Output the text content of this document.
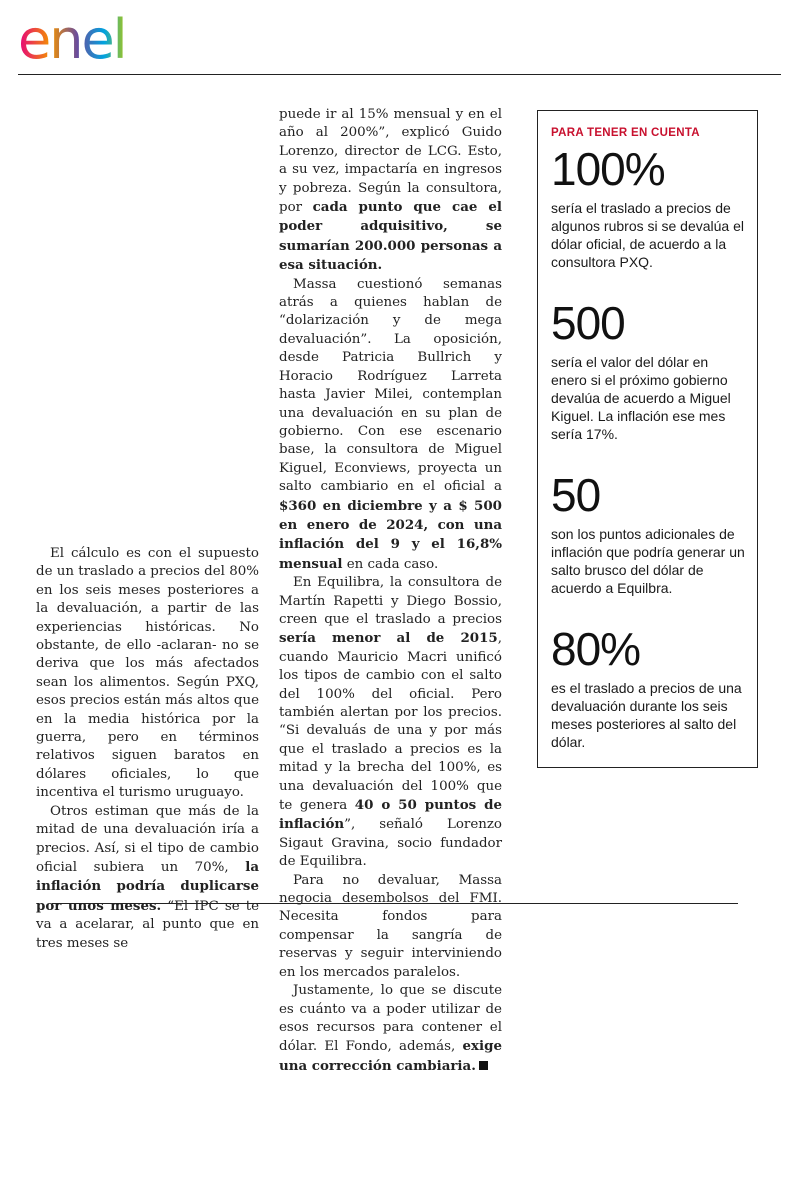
enel

El cálculo es con el supuesto de un traslado a precios del 80% en los seis meses posteriores a la devaluación, a partir de las experiencias históricas. No obstante, de ello -aclaran- no se deriva que los más afectados sean los alimentos. Según PXQ, esos precios están más altos que en la media histórica por la guerra, pero en términos relativos siguen baratos en dólares oficiales, lo que incentiva el turismo uruguayo.

Otros estiman que más de la mitad de una devaluación iría a precios. Así, si el tipo de cambio oficial subiera un 70%, la inflación podría duplicarse por unos meses. “El IPC se te va a acelarar, al punto que en tres meses se

puede ir al 15% mensual y en el año al 200%”, explicó Guido Lorenzo, director de LCG. Esto, a su vez, impactaría en ingresos y pobreza. Según la consultora, por cada punto que cae el poder adquisitivo, se sumarían 200.000 personas a esa situación.

Massa cuestionó semanas atrás a quienes hablan de “dolarización y de mega devaluación”. La oposición, desde Patricia Bullrich y Horacio Rodríguez Larreta hasta Javier Milei, contemplan una devaluación en su plan de gobierno. Con ese escenario base, la consultora de Miguel Kiguel, Econviews, proyecta un salto cambiario en el oficial a $360 en diciembre y a $ 500 en enero de 2024, con una inflación del 9 y el 16,8% mensual en cada caso.

En Equilibra, la consultora de Martín Rapetti y Diego Bossio, creen que el traslado a precios sería menor al de 2015, cuando Mauricio Macri unificó los tipos de cambio con el salto del 100% del oficial. Pero también alertan por los precios. “Si devaluás de una y por más que el traslado a precios es la mitad y la brecha del 100%, es una devaluación del 100% que te genera 40 o 50 puntos de inflación”, señaló Lorenzo Sigaut Gravina, socio fundador de Equilibra.

Para no devaluar, Massa negocia desembolsos del FMI. Necesita fondos para compensar la sangría de reservas y seguir interviniendo en los mercados paralelos.

Justamente, lo que se discute es cuánto va a poder utilizar de esos recursos para contener el dólar. El Fondo, además, exige una corrección cambiaria.

PARA TENER EN CUENTA
100%
sería el traslado a precios de algunos rubros si se devalúa el dólar oficial, de acuerdo a la consultora PXQ.
500
sería el valor del dólar en enero si el próximo gobierno devalúa de acuerdo a Miguel Kiguel. La inflación ese mes sería 17%.
50
son los puntos adicionales de inflación que podría generar un salto brusco del dólar de acuerdo a Equilbra.
80%
es el traslado a precios de una devaluación durante los seis meses posteriores al salto del dólar.
